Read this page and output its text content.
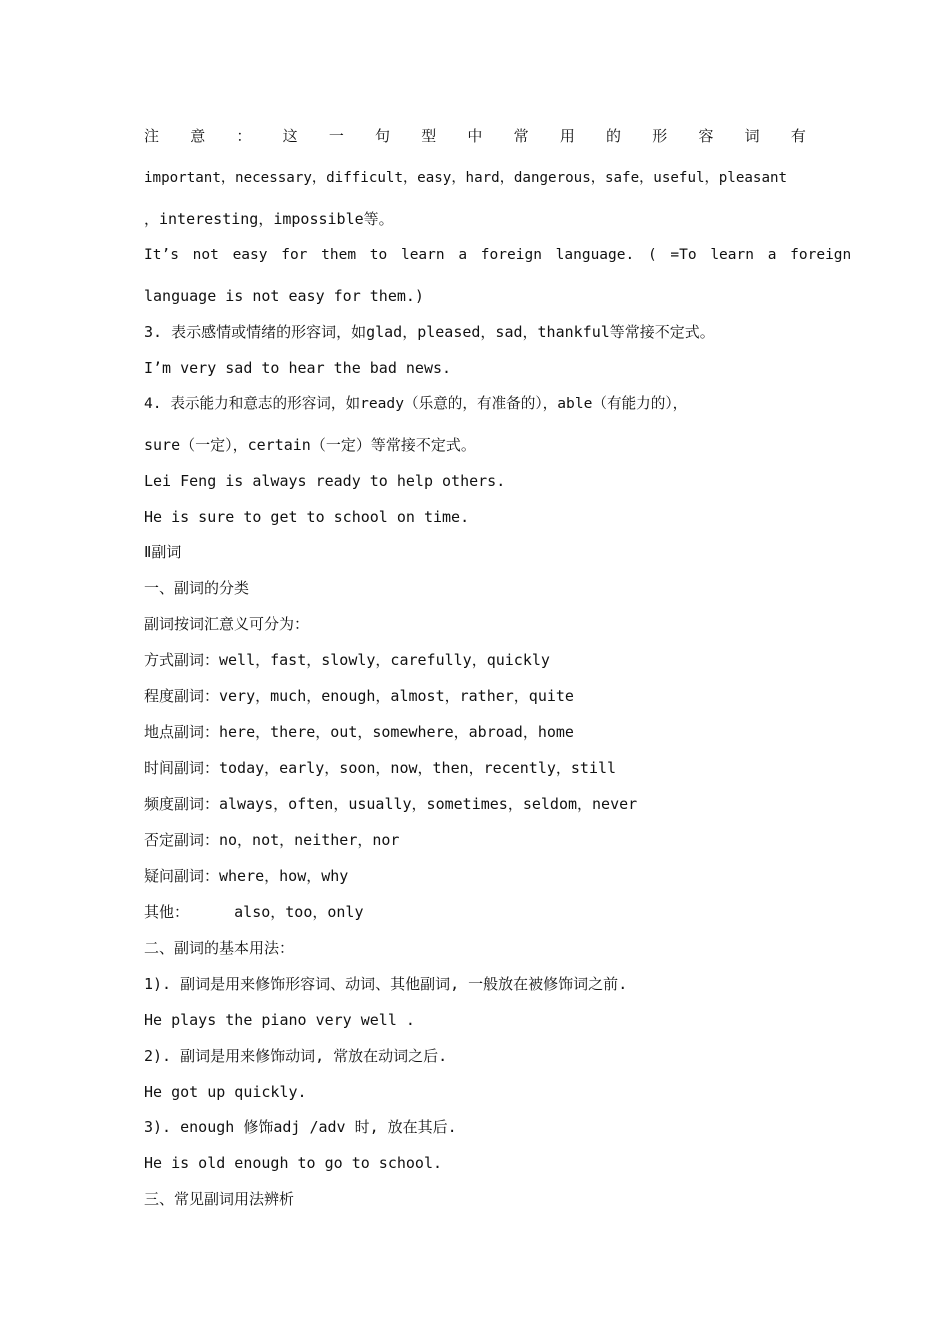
注 意 ： 这 一 句 型 中 常 用 的 形 容 词 有
important，necessary，difficult，easy，hard，dangerous，safe，useful，pleasant
，interesting，impossible等。
It’s not easy for them to learn a foreign language. ( =To learn a foreign
language is not easy for them.)
3. 表示感情或情绪的形容词，如glad，pleased，sad，thankful等常接不定式。
I’m very sad to hear the bad news.
4. 表示能力和意志的形容词，如ready（乐意的，有准备的），able（有能力的），
sure（一定），certain（一定）等常接不定式。
Lei Feng is always ready to help others.
He is sure to get to school on time.
Ⅱ副词
一、副词的分类
副词按词汇意义可分为：
方式副词：well，fast，slowly，carefully，quickly
程度副词：very，much，enough，almost，rather，quite
地点副词：here，there，out，somewhere，abroad，home
时间副词：today，early，soon，now，then，recently，still
频度副词：always，often，usually，sometimes，seldom，never
否定副词：no，not，neither，nor
疑问副词：where，how，why
其他：     also，too，only
二、副词的基本用法：
1). 副词是用来修饰形容词、动词、其他副词, 一般放在被修饰词之前.
He plays the piano very well .
2). 副词是用来修饰动词, 常放在动词之后.
He got up quickly.
3). enough 修饰adj /adv 时, 放在其后.
He is old enough to go to school.
三、常见副词用法辨析
